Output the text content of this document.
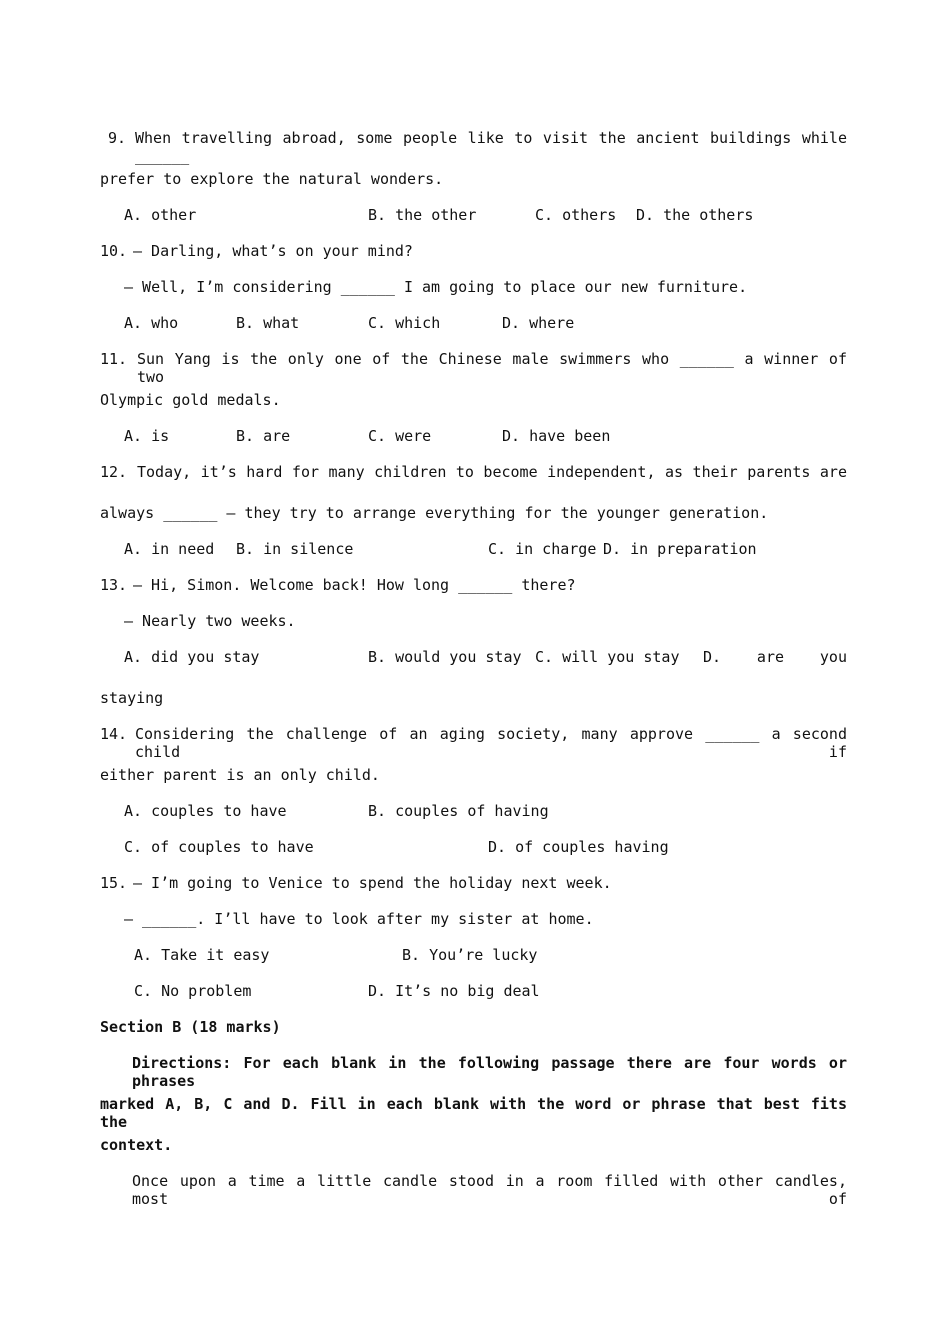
9. When travelling abroad, some people like to visit the ancient buildings while ______
prefer to explore the natural wonders.
A. other	B. the other	C. others D. the others
10. — Darling, what’s on your mind?
— Well, I’m considering ______ I am going to place our new furniture.
A. who	B. what	C. which	D. where
11. Sun Yang is the only one of the Chinese male swimmers who ______ a winner of two
Olympic gold medals.
A. is	B. are	C. were	D. have been
12. Today, it’s hard for many children to become independent, as their parents are
always ______ — they try to arrange everything for the younger generation.
A. in need B. in silence	C. in charge D. in preparation
13. — Hi, Simon. Welcome back! How long ______ there?
— Nearly two weeks.
A. did you stay	B. would you stay C. will you stay D. are you
staying
14. Considering the challenge of an aging society, many approve ______ a second child if
either parent is an only child.
A. couples to have	B. couples of having
C. of couples to have	D. of couples having
15. — I’m going to Venice to spend the holiday next week.
— ______. I’ll have to look after my sister at home.
A. Take it easy	B. You’re lucky
C. No problem	D. It’s no big deal
Section B (18 marks)
Directions: For each blank in the following passage there are four words or phrases
marked A, B, C and D. Fill in each blank with the word or phrase that best fits the
context.
Once upon a time a little candle stood in a room filled with other candles, most of
